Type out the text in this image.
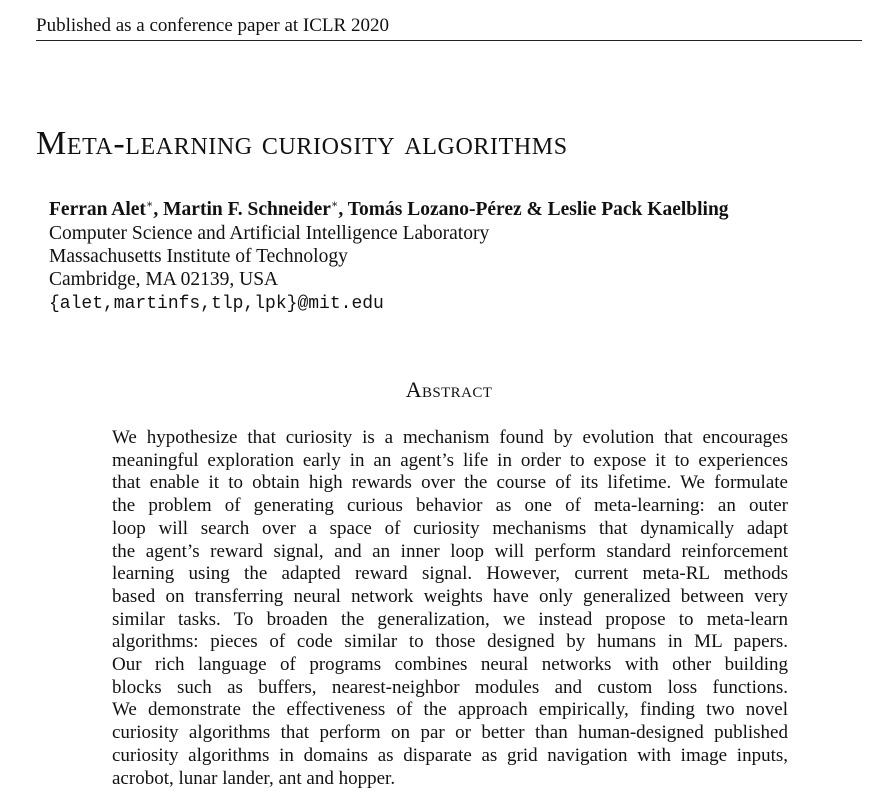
Published as a conference paper at ICLR 2020
Meta-learning curiosity algorithms
Ferran Alet∗, Martin F. Schneider∗, Tomás Lozano-Pérez & Leslie Pack Kaelbling
Computer Science and Artificial Intelligence Laboratory
Massachusetts Institute of Technology
Cambridge, MA 02139, USA
{alet,martinfs,tlp,lpk}@mit.edu
Abstract
We hypothesize that curiosity is a mechanism found by evolution that encourages
meaningful exploration early in an agent’s life in order to expose it to experiences
that enable it to obtain high rewards over the course of its lifetime. We formulate
the problem of generating curious behavior as one of meta-learning: an outer
loop will search over a space of curiosity mechanisms that dynamically adapt
the agent’s reward signal, and an inner loop will perform standard reinforcement
learning using the adapted reward signal. However, current meta-RL methods
based on transferring neural network weights have only generalized between very
similar tasks. To broaden the generalization, we instead propose to meta-learn
algorithms: pieces of code similar to those designed by humans in ML papers.
Our rich language of programs combines neural networks with other building
blocks such as buffers, nearest-neighbor modules and custom loss functions.
We demonstrate the effectiveness of the approach empirically, finding two novel
curiosity algorithms that perform on par or better than human-designed published
curiosity algorithms in domains as disparate as grid navigation with image inputs,
acrobot, lunar lander, ant and hopper.
